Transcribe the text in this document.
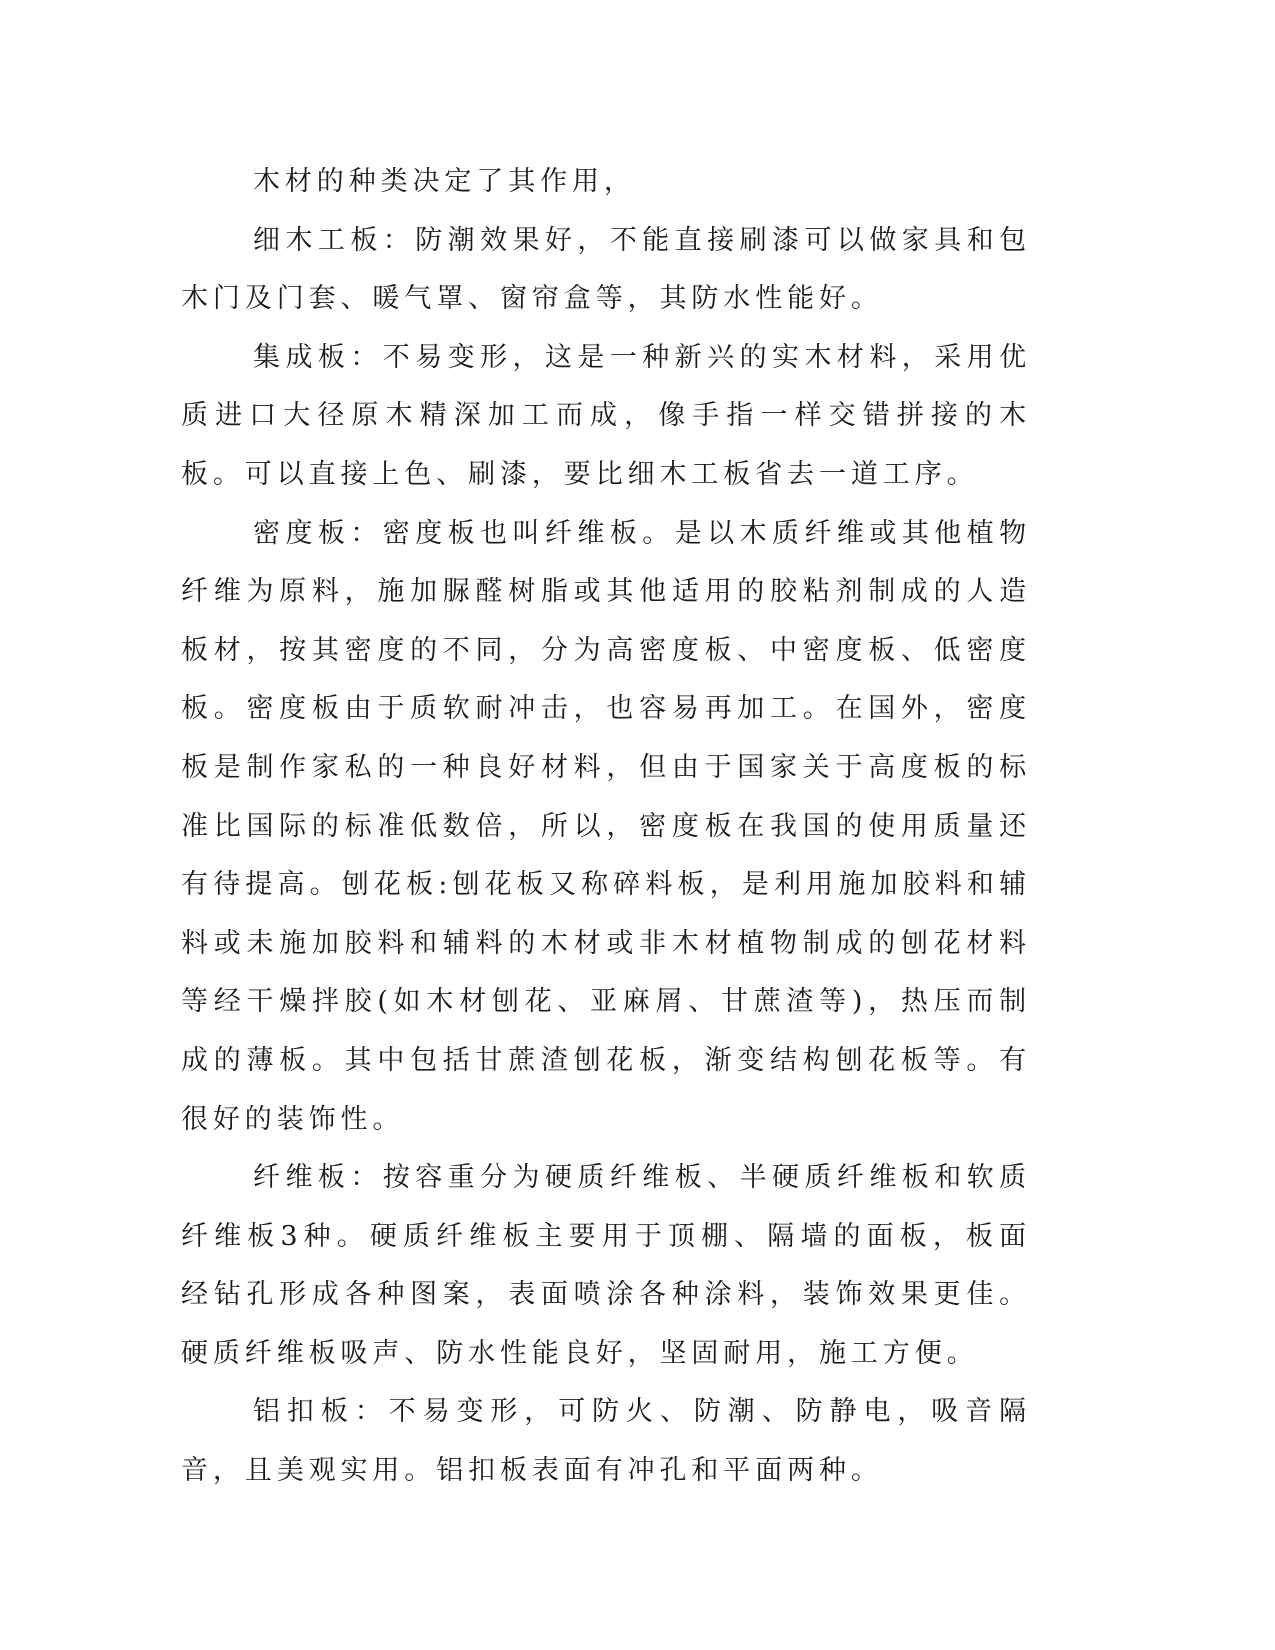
木材的种类决定了其作用，

细木工板：防潮效果好，不能直接刷漆可以做家具和包木门及门套、暖气罩、窗帘盒等，其防水性能好。

集成板：不易变形，这是一种新兴的实木材料，采用优质进口大径原木精深加工而成，像手指一样交错拼接的木板。可以直接上色、刷漆，要比细木工板省去一道工序。

密度板：密度板也叫纤维板。是以木质纤维或其他植物纤维为原料，施加脲醛树脂或其他适用的胶粘剂制成的人造板材，按其密度的不同，分为高密度板、中密度板、低密度板。密度板由于质软耐冲击，也容易再加工。在国外，密度板是制作家私的一种良好材料，但由于国家关于高度板的标准比国际的标准低数倍，所以，密度板在我国的使用质量还有待提高。刨花板:刨花板又称碎料板，是利用施加胶料和辅料或未施加胶料和辅料的木材或非木材植物制成的刨花材料等经干燥拌胶(如木材刨花、亚麻屑、甘蔗渣等)，热压而制成的薄板。其中包括甘蔗渣刨花板，渐变结构刨花板等。有很好的装饰性。

纤维板：按容重分为硬质纤维板、半硬质纤维板和软质纤维板3种。硬质纤维板主要用于顶棚、隔墙的面板，板面经钻孔形成各种图案，表面喷涂各种涂料，装饰效果更佳。硬质纤维板吸声、防水性能良好，坚固耐用，施工方便。

铝扣板：不易变形，可防火、防潮、防静电，吸音隔音，且美观实用。铝扣板表面有冲孔和平面两种。
